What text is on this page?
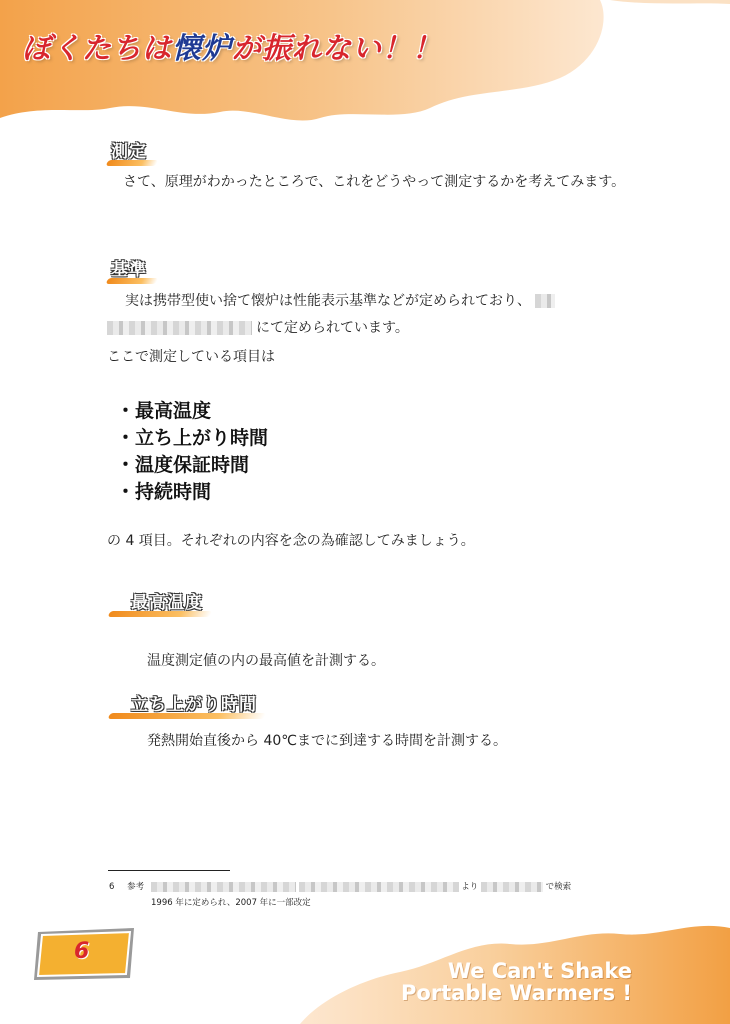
ぼくたちは懐炉が振れない！！
測定
さて、原理がわかったところで、これをどうやって測定するかを考えてみます。
基準
実は携帯型使い捨て懐炉は性能表示基準などが定められており、
にて定められています。
ここで測定している項目は
・最高温度
・立ち上がり時間
・温度保証時間
・持続時間
の 4 項目。それぞれの内容を念の為確認してみましょう。
最高温度
温度測定値の内の最高値を計測する。
立ち上がり時間
発熱開始直後から 40℃までに到達する時間を計測する。
6 参考	より	で検索
1996 年に定められ、2007 年に一部改定
6
We Can't Shake
Portable Warmers !
